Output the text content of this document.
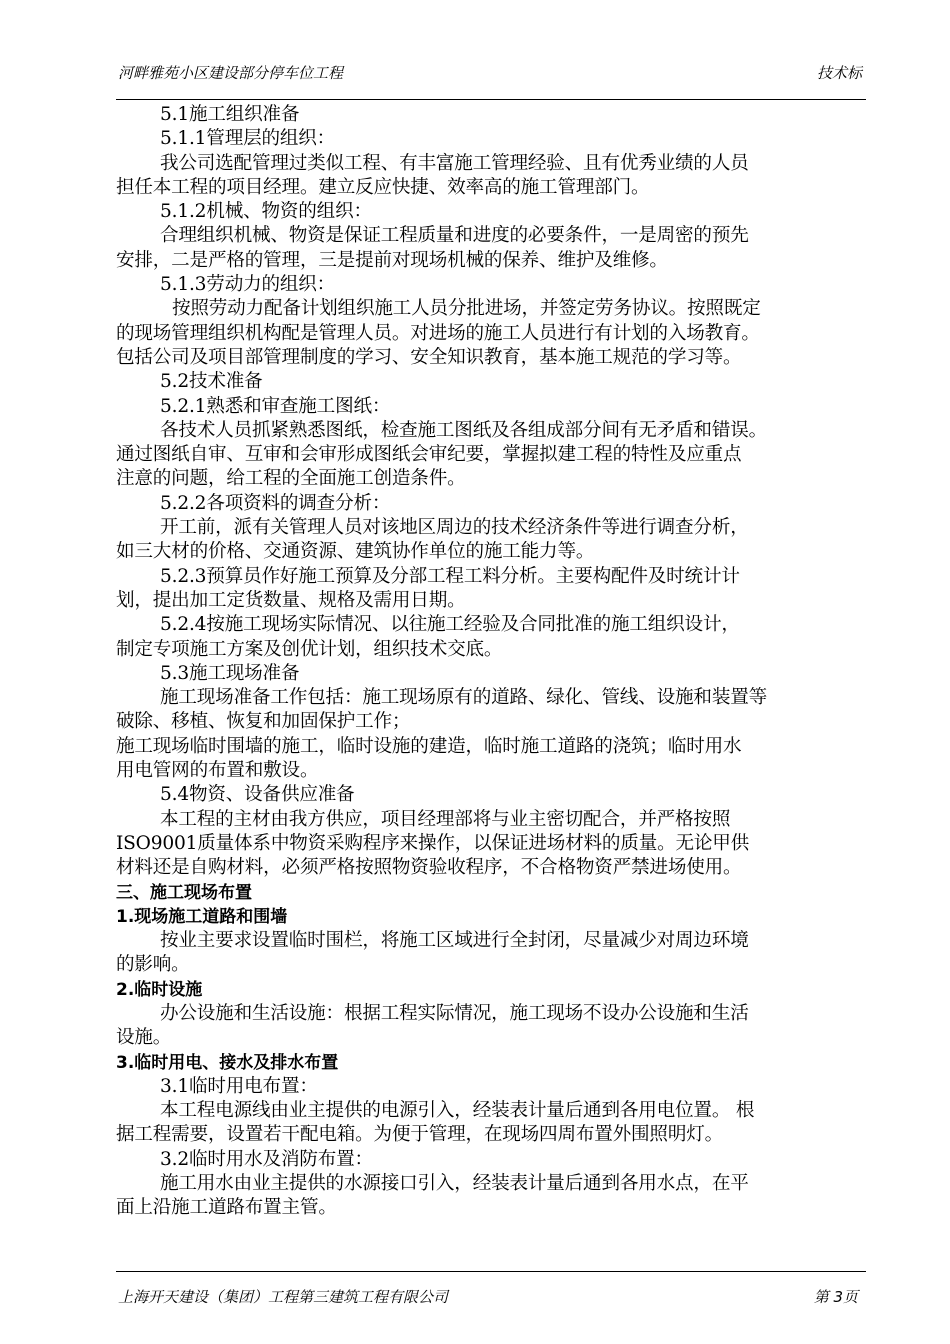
河畔雅苑小区建设部分停车位工程	技术标
5.1施工组织准备
5.1.1管理层的组织：
我公司选配管理过类似工程、有丰富施工管理经验、且有优秀业绩的人员
担任本工程的项目经理。建立反应快捷、效率高的施工管理部门。
5.1.2机械、物资的组织：
合理组织机械、物资是保证工程质量和进度的必要条件，一是周密的预先
安排，二是严格的管理，三是提前对现场机械的保养、维护及维修。
5.1.3劳动力的组织：
按照劳动力配备计划组织施工人员分批进场，并签定劳务协议。按照既定
的现场管理组织机构配是管理人员。对进场的施工人员进行有计划的入场教育。
包括公司及项目部管理制度的学习、安全知识教育，基本施工规范的学习等。
5.2技术准备
5.2.1熟悉和审查施工图纸：
各技术人员抓紧熟悉图纸，检查施工图纸及各组成部分间有无矛盾和错误。
通过图纸自审、互审和会审形成图纸会审纪要，掌握拟建工程的特性及应重点
注意的问题，给工程的全面施工创造条件。
5.2.2各项资料的调查分析：
开工前，派有关管理人员对该地区周边的技术经济条件等进行调查分析，
如三大材的价格、交通资源、建筑协作单位的施工能力等。
5.2.3预算员作好施工预算及分部工程工料分析。主要构配件及时统计计
划，提出加工定货数量、规格及需用日期。
5.2.4按施工现场实际情况、以往施工经验及合同批准的施工组织设计，
制定专项施工方案及创优计划，组织技术交底。
5.3施工现场准备
施工现场准备工作包括：施工现场原有的道路、绿化、管线、设施和装置等
破除、移植、恢复和加固保护工作；
施工现场临时围墙的施工，临时设施的建造，临时施工道路的浇筑；临时用水
用电管网的布置和敷设。
5.4物资、设备供应准备
本工程的主材由我方供应，项目经理部将与业主密切配合，并严格按照
ISO9001质量体系中物资采购程序来操作，以保证进场材料的质量。无论甲供
材料还是自购材料，必须严格按照物资验收程序，不合格物资严禁进场使用。
三、施工现场布置
1.现场施工道路和围墙
按业主要求设置临时围栏，将施工区域进行全封闭，尽量减少对周边环境
的影响。
2.临时设施
办公设施和生活设施：根据工程实际情况，施工现场不设办公设施和生活
设施。
3.临时用电、接水及排水布置
3.1临时用电布置：
本工程电源线由业主提供的电源引入，经装表计量后通到各用电位置。 根
据工程需要，设置若干配电箱。为便于管理，在现场四周布置外围照明灯。
3.2临时用水及消防布置：
施工用水由业主提供的水源接口引入，经装表计量后通到各用水点，在平
面上沿施工道路布置主管。
上海开天建设（集团）工程第三建筑工程有限公司	第 3页
